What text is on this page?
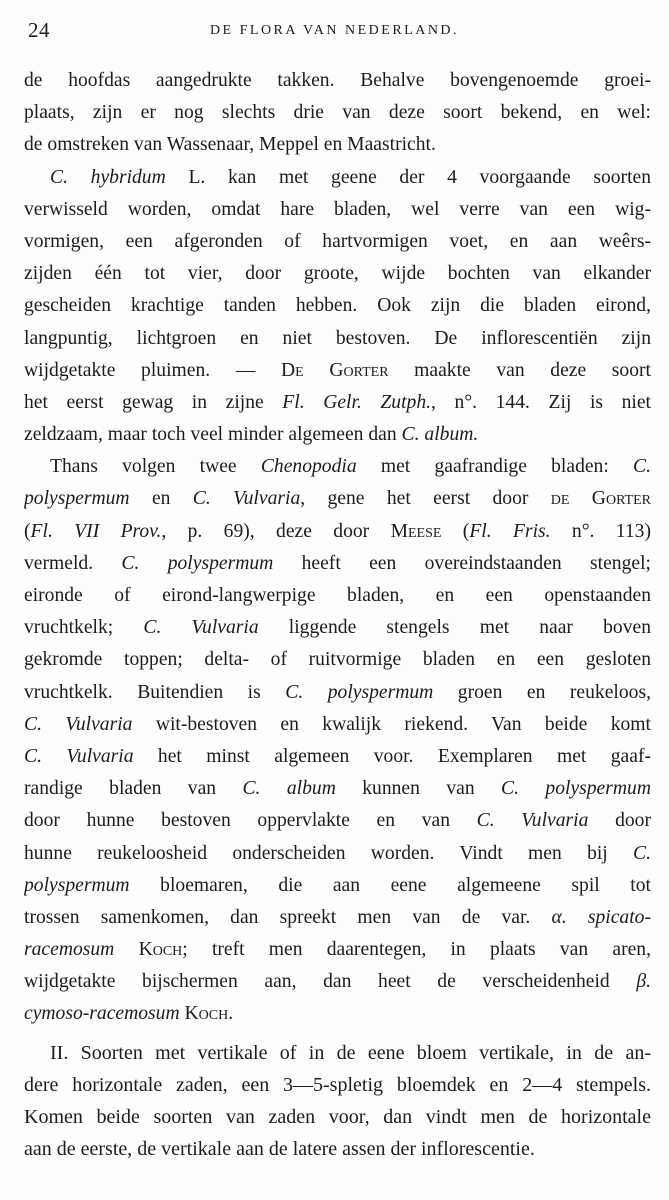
24	DE FLORA VAN NEDERLAND.
de hoofdas aangedrukte takken. Behalve bovengenoemde groei-
plaats, zijn er nog slechts drie van deze soort bekend, en wel:
de omstreken van Wassenaar, Meppel en Maastricht.
C. hybridum L. kan met geene der 4 voorgaande soorten
verwisseld worden, omdat hare bladen, wel verre van een wig-
vormigen, een afgeronden of hartvormigen voet, en aan weêrs-
zijden één tot vier, door groote, wijde bochten van elkander
gescheiden krachtige tanden hebben. Ook zijn die bladen eirond,
langpuntig, lichtgroen en niet bestoven. De inflorescentiën zijn
wijdgetakte pluimen. — De Gorter maakte van deze soort
het eerst gewag in zijne Fl. Gelr. Zutph., n°. 144. Zij is niet
zeldzaam, maar toch veel minder algemeen dan C. album.
Thans volgen twee Chenopodia met gaafrandige bladen: C.
polyspermum en C. Vulvaria, gene het eerst door de Gorter
(Fl. VII Prov., p. 69), deze door Meese (Fl. Fris. n°. 113)
vermeld. C. polyspermum heeft een overeindstaanden stengel;
eironde of eirond-langwerpige bladen, en een openstaanden
vruchtkelk; C. Vulvaria liggende stengels met naar boven
gekromde toppen; delta- of ruitvormige bladen en een gesloten
vruchtkelk. Buitendien is C. polyspermum groen en reukeloos,
C. Vulvaria wit-bestoven en kwalijk riekend. Van beide komt
C. Vulvaria het minst algemeen voor. Exemplaren met gaaf-
randige bladen van C. album kunnen van C. polyspermum
door hunne bestoven oppervlakte en van C. Vulvaria door
hunne reukeloosheid onderscheiden worden. Vindt men bij C.
polyspermum bloemaren, die aan eene algemeene spil tot
trossen samenkomen, dan spreekt men van de var. α. spicato-
racemosum Koch; treft men daarentegen, in plaats van aren,
wijdgetakte bijschermen aan, dan heet de verscheidenheid β.
cymoso-racemosum Koch.
II. Soorten met vertikale of in de eene bloem vertikale, in de an-
dere horizontale zaden, een 3—5-spletig bloemdek en 2—4 stempels.
Komen beide soorten van zaden voor, dan vindt men de horizontale
aan de eerste, de vertikale aan de latere assen der inflorescentie.
